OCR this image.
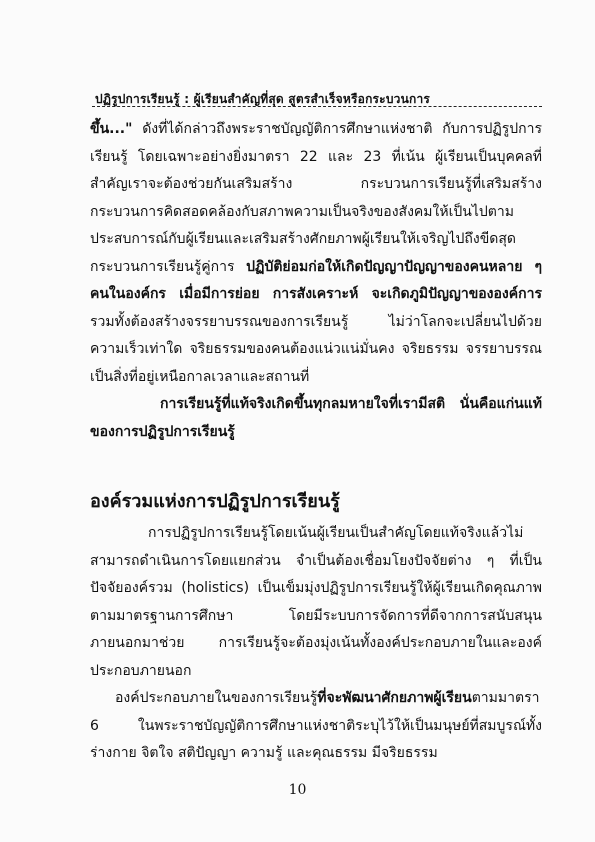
ปฏิรูปการเรียนรู้ : ผู้เรียนสำคัญที่สุด สูตรสำเร็จหรือกระบวนการ

ขึ้น..." ดังที่ได้กล่าวถึงพระราชบัญญัติการศึกษาแห่งชาติ กับการปฏิรูปการเรียนรู้ โดยเฉพาะอย่างยิ่งมาตรา 22 และ 23 ที่เน้น ผู้เรียนเป็นบุคคลที่สำคัญเราจะต้องช่วยกันเสริมสร้าง กระบวนการเรียนรู้ที่เสริมสร้างกระบวนการคิดสอดคล้องกับสภาพความเป็นจริงของสังคมให้เป็นไปตามประสบการณ์กับผู้เรียนและเสริมสร้างศักยภาพผู้เรียนให้เจริญไปถึงขีดสุดกระบวนการเรียนรู้คู่การ ปฏิบัติย่อมก่อให้เกิดปัญญาปัญญาของคนหลาย ๆ คนในองค์กร เมื่อมีการย่อย การสังเคราะห์ จะเกิดภูมิปัญญาขององค์การ รวมทั้งต้องสร้างจรรยาบรรณของการเรียนรู้ ไม่ว่าโลกจะเปลี่ยนไปด้วยความเร็วเท่าใด จริยธรรมของคนต้องแน่วแน่มั่นคง จริยธรรม จรรยาบรรณเป็นสิ่งที่อยู่เหนือกาลเวลาและสถานที่

การเรียนรู้ที่แท้จริงเกิดขึ้นทุกลมหายใจที่เรามีสติ นั่นคือแก่นแท้ของการปฏิรูปการเรียนรู้

องค์รวมแห่งการปฏิรูปการเรียนรู้

การปฏิรูปการเรียนรู้โดยเน้นผู้เรียนเป็นสำคัญโดยแท้จริงแล้วไม่สามารถดำเนินการโดยแยกส่วน จำเป็นต้องเชื่อมโยงปัจจัยต่าง ๆ ที่เป็นปัจจัยองค์รวม (holistics) เป็นเข็มมุ่งปฏิรูปการเรียนรู้ให้ผู้เรียนเกิดคุณภาพตามมาตรฐานการศึกษา โดยมีระบบการจัดการที่ดีจากการสนับสนุนภายนอกมาช่วย การเรียนรู้จะต้องมุ่งเน้นทั้งองค์ประกอบภายในและองค์ประกอบภายนอก

องค์ประกอบภายในของการเรียนรู้ที่จะพัฒนาศักยภาพผู้เรียนตามมาตรา 6 ในพระราชบัญญัติการศึกษาแห่งชาติระบุไว้ให้เป็นมนุษย์ที่สมบูรณ์ทั้งร่างกาย จิตใจ สติปัญญา ความรู้ และคุณธรรม มีจริยธรรม

10
